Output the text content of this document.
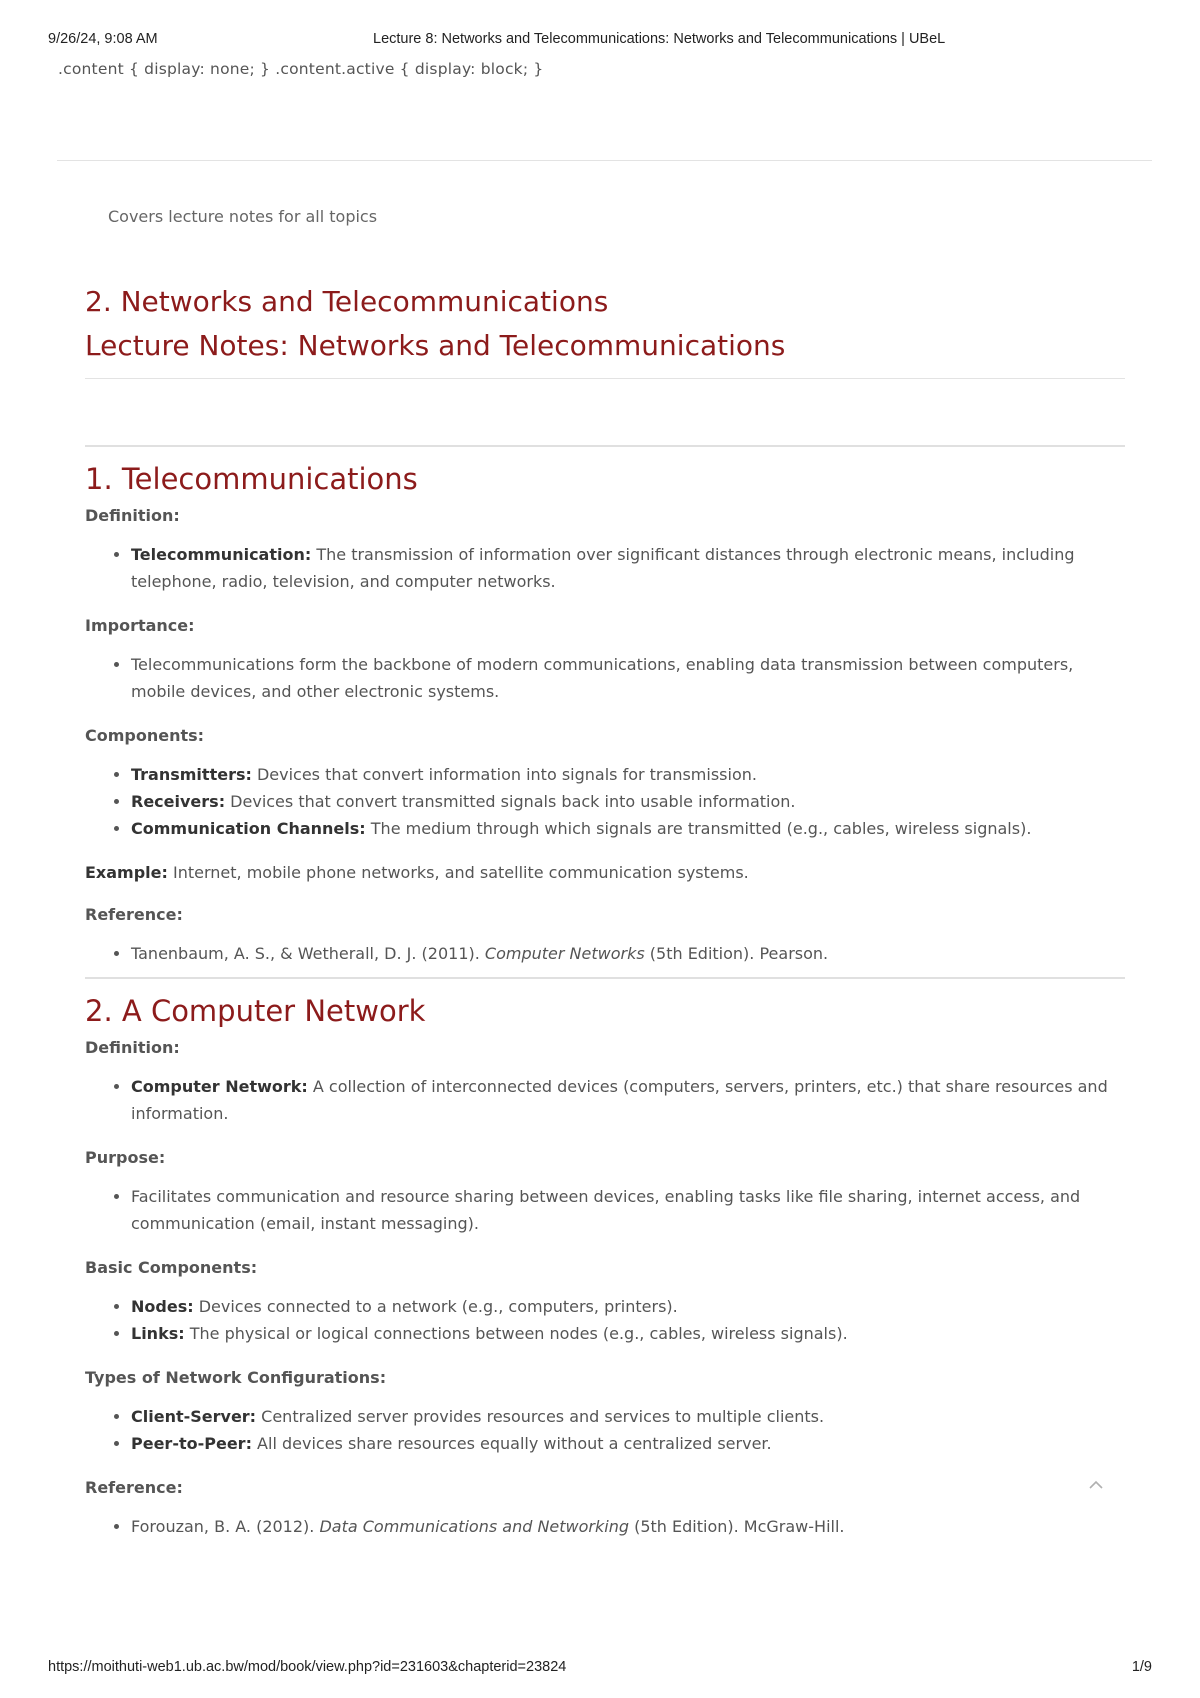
9/26/24, 9:08 AM	Lecture 8: Networks and Telecommunications: Networks and Telecommunications | UBeL
.content { display: none; } .content.active { display: block; }
Covers lecture notes for all topics
2. Networks and Telecommunications
Lecture Notes: Networks and Telecommunications
1. Telecommunications

Definition:

• Telecommunication: The transmission of information over significant distances through electronic means, including telephone, radio, television, and computer networks.

Importance:

• Telecommunications form the backbone of modern communications, enabling data transmission between computers, mobile devices, and other electronic systems.

Components:

• Transmitters: Devices that convert information into signals for transmission.
• Receivers: Devices that convert transmitted signals back into usable information.
• Communication Channels: The medium through which signals are transmitted (e.g., cables, wireless signals).

Example: Internet, mobile phone networks, and satellite communication systems.

Reference:

• Tanenbaum, A. S., & Wetherall, D. J. (2011). Computer Networks (5th Edition). Pearson.
2. A Computer Network

Definition:

• Computer Network: A collection of interconnected devices (computers, servers, printers, etc.) that share resources and information.

Purpose:

• Facilitates communication and resource sharing between devices, enabling tasks like file sharing, internet access, and communication (email, instant messaging).

Basic Components:

• Nodes: Devices connected to a network (e.g., computers, printers).
• Links: The physical or logical connections between nodes (e.g., cables, wireless signals).

Types of Network Configurations:

• Client-Server: Centralized server provides resources and services to multiple clients.
• Peer-to-Peer: All devices share resources equally without a centralized server.

Reference:

• Forouzan, B. A. (2012). Data Communications and Networking (5th Edition). McGraw-Hill.
https://moithuti-web1.ub.ac.bw/mod/book/view.php?id=231603&chapterid=23824	1/9
